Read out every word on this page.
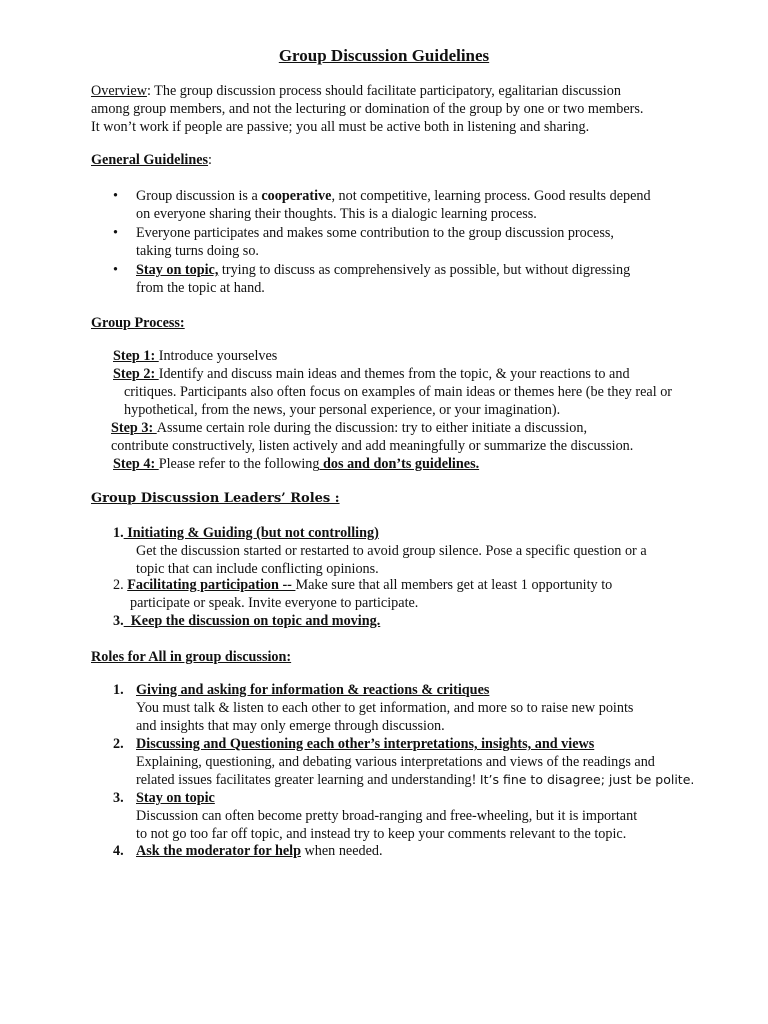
Group Discussion Guidelines
Overview: The group discussion process should facilitate participatory, egalitarian discussion
among group members, and not the lecturing or domination of the group by one or two members.
It won’t work if people are passive; you all must be active both in listening and sharing.
General Guidelines:
• Group discussion is a cooperative, not competitive, learning process. Good results depend
on everyone sharing their thoughts. This is a dialogic learning process.
• Everyone participates and makes some contribution to the group discussion process,
taking turns doing so.
• Stay on topic, trying to discuss as comprehensively as possible, but without digressing
from the topic at hand.
Group Process:
Step 1: Introduce yourselves
Step 2: Identify and discuss main ideas and themes from the topic, & your reactions to and
critiques. Participants also often focus on examples of main ideas or themes here (be they real or
hypothetical, from the news, your personal experience, or your imagination).
Step 3: Assume certain role during the discussion: try to either initiate a discussion,
contribute constructively, listen actively and add meaningfully or summarize the discussion.
Step 4: Please refer to the following dos and don’ts guidelines.
Group Discussion Leaders’ Roles :
1. Initiating & Guiding (but not controlling)
Get the discussion started or restarted to avoid group silence. Pose a specific question or a
topic that can include conflicting opinions.
2. Facilitating participation -- Make sure that all members get at least 1 opportunity to
participate or speak. Invite everyone to participate.
3.  Keep the discussion on topic and moving.
Roles for All in group discussion:
1. Giving and asking for information & reactions & critiques
You must talk & listen to each other to get information, and more so to raise new points
and insights that may only emerge through discussion.
2. Discussing and Questioning each other’s interpretations, insights, and views
Explaining, questioning, and debating various interpretations and views of the readings and
related issues facilitates greater learning and understanding! It’s fine to disagree; just be polite.
3. Stay on topic
Discussion can often become pretty broad-ranging and free-wheeling, but it is important
to not go too far off topic, and instead try to keep your comments relevant to the topic.
4. Ask the moderator for help when needed.
